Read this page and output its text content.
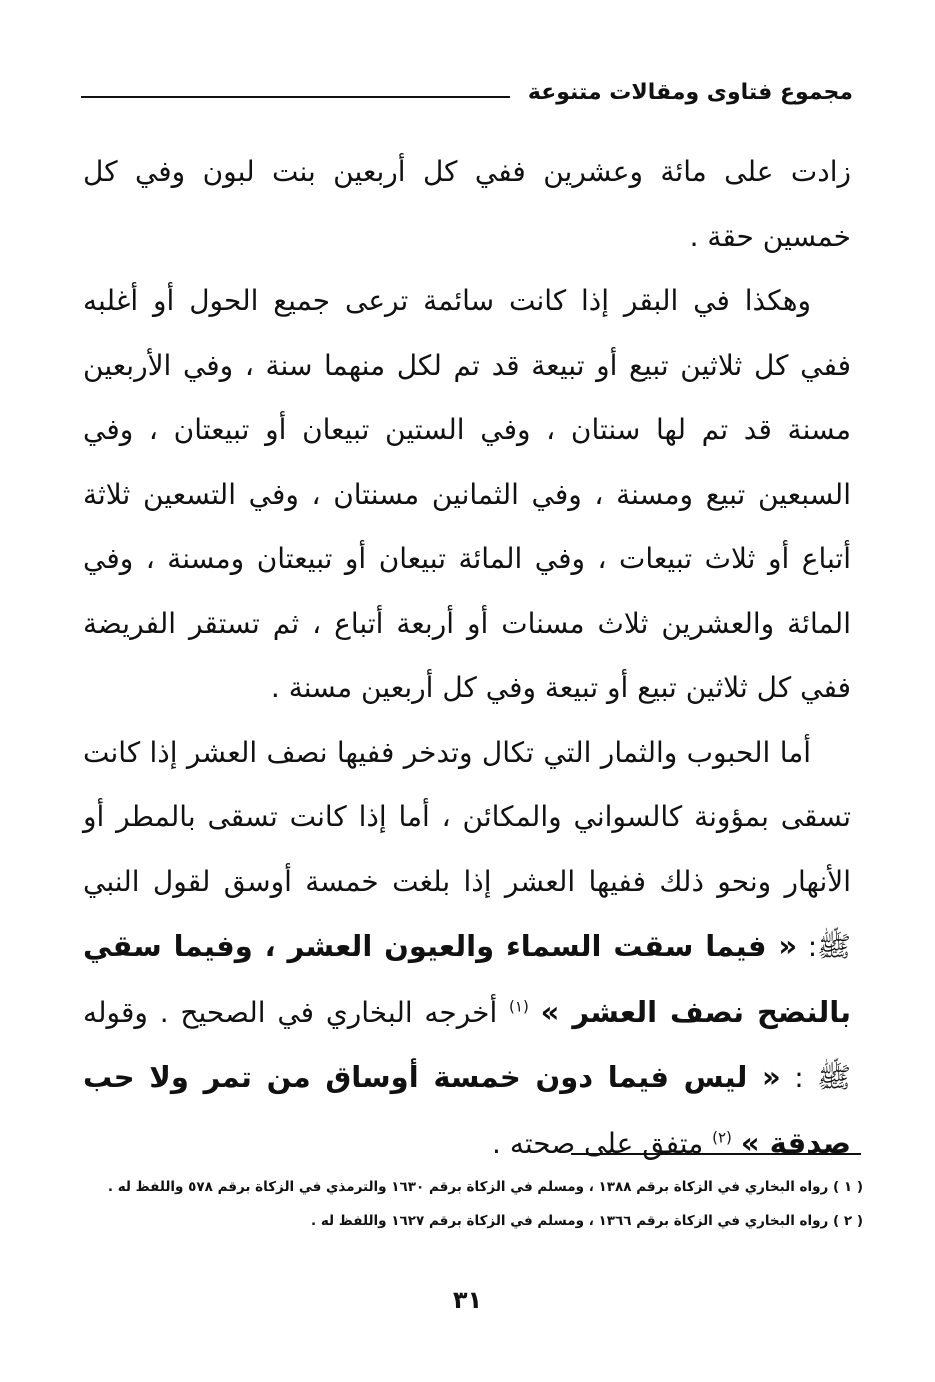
مجموع فتاوى ومقالات متنوعة

زادت على مائة وعشرين ففي كل أربعين بنت لبون وفي كل خمسين حقة .

وهكذا في البقر إذا كانت سائمة ترعى جميع الحول أو أغلبه ففي كل ثلاثين تبيع أو تبيعة قد تم لكل منهما سنة ، وفي الأربعين مسنة قد تم لها سنتان ، وفي الستين تبيعان أو تبيعتان ، وفي السبعين تبيع ومسنة ، وفي الثمانين مسنتان ، وفي التسعين ثلاثة أتباع أو ثلاث تبيعات ، وفي المائة تبيعان أو تبيعتان ومسنة ، وفي المائة والعشرين ثلاث مسنات أو أربعة أتباع ، ثم تستقر الفريضة ففي كل ثلاثين تبيع أو تبيعة وفي كل أربعين مسنة .

أما الحبوب والثمار التي تكال وتدخر ففيها نصف العشر إذا كانت تسقى بمؤونة كالسواني والمكائن ، أما إذا كانت تسقى بالمطر أو الأنهار ونحو ذلك ففيها العشر إذا بلغت خمسة أوسق لقول النبي ﷺ: « فيما سقت السماء والعيون العشر ، وفيما سقي بالنضح نصف العشر » $^{(١)}$ أخرجه البخاري في الصحيح . وقوله ﷺ : « ليس فيما دون خمسة أوساق من تمر ولا حب صدقة » $^{(٢)}$ متفق على صحته .

( ١ ) رواه البخاري في الزكاة برقم ١٣٨٨ ، ومسلم في الزكاة برقم ١٦٣٠ والترمذي في الزكاة برقم ٥٧٨ واللفظ له .
( ٢ ) رواه البخاري في الزكاة برقم ١٣٦٦ ، ومسلم في الزكاة برقم ١٦٢٧ واللفظ له .
٣١
